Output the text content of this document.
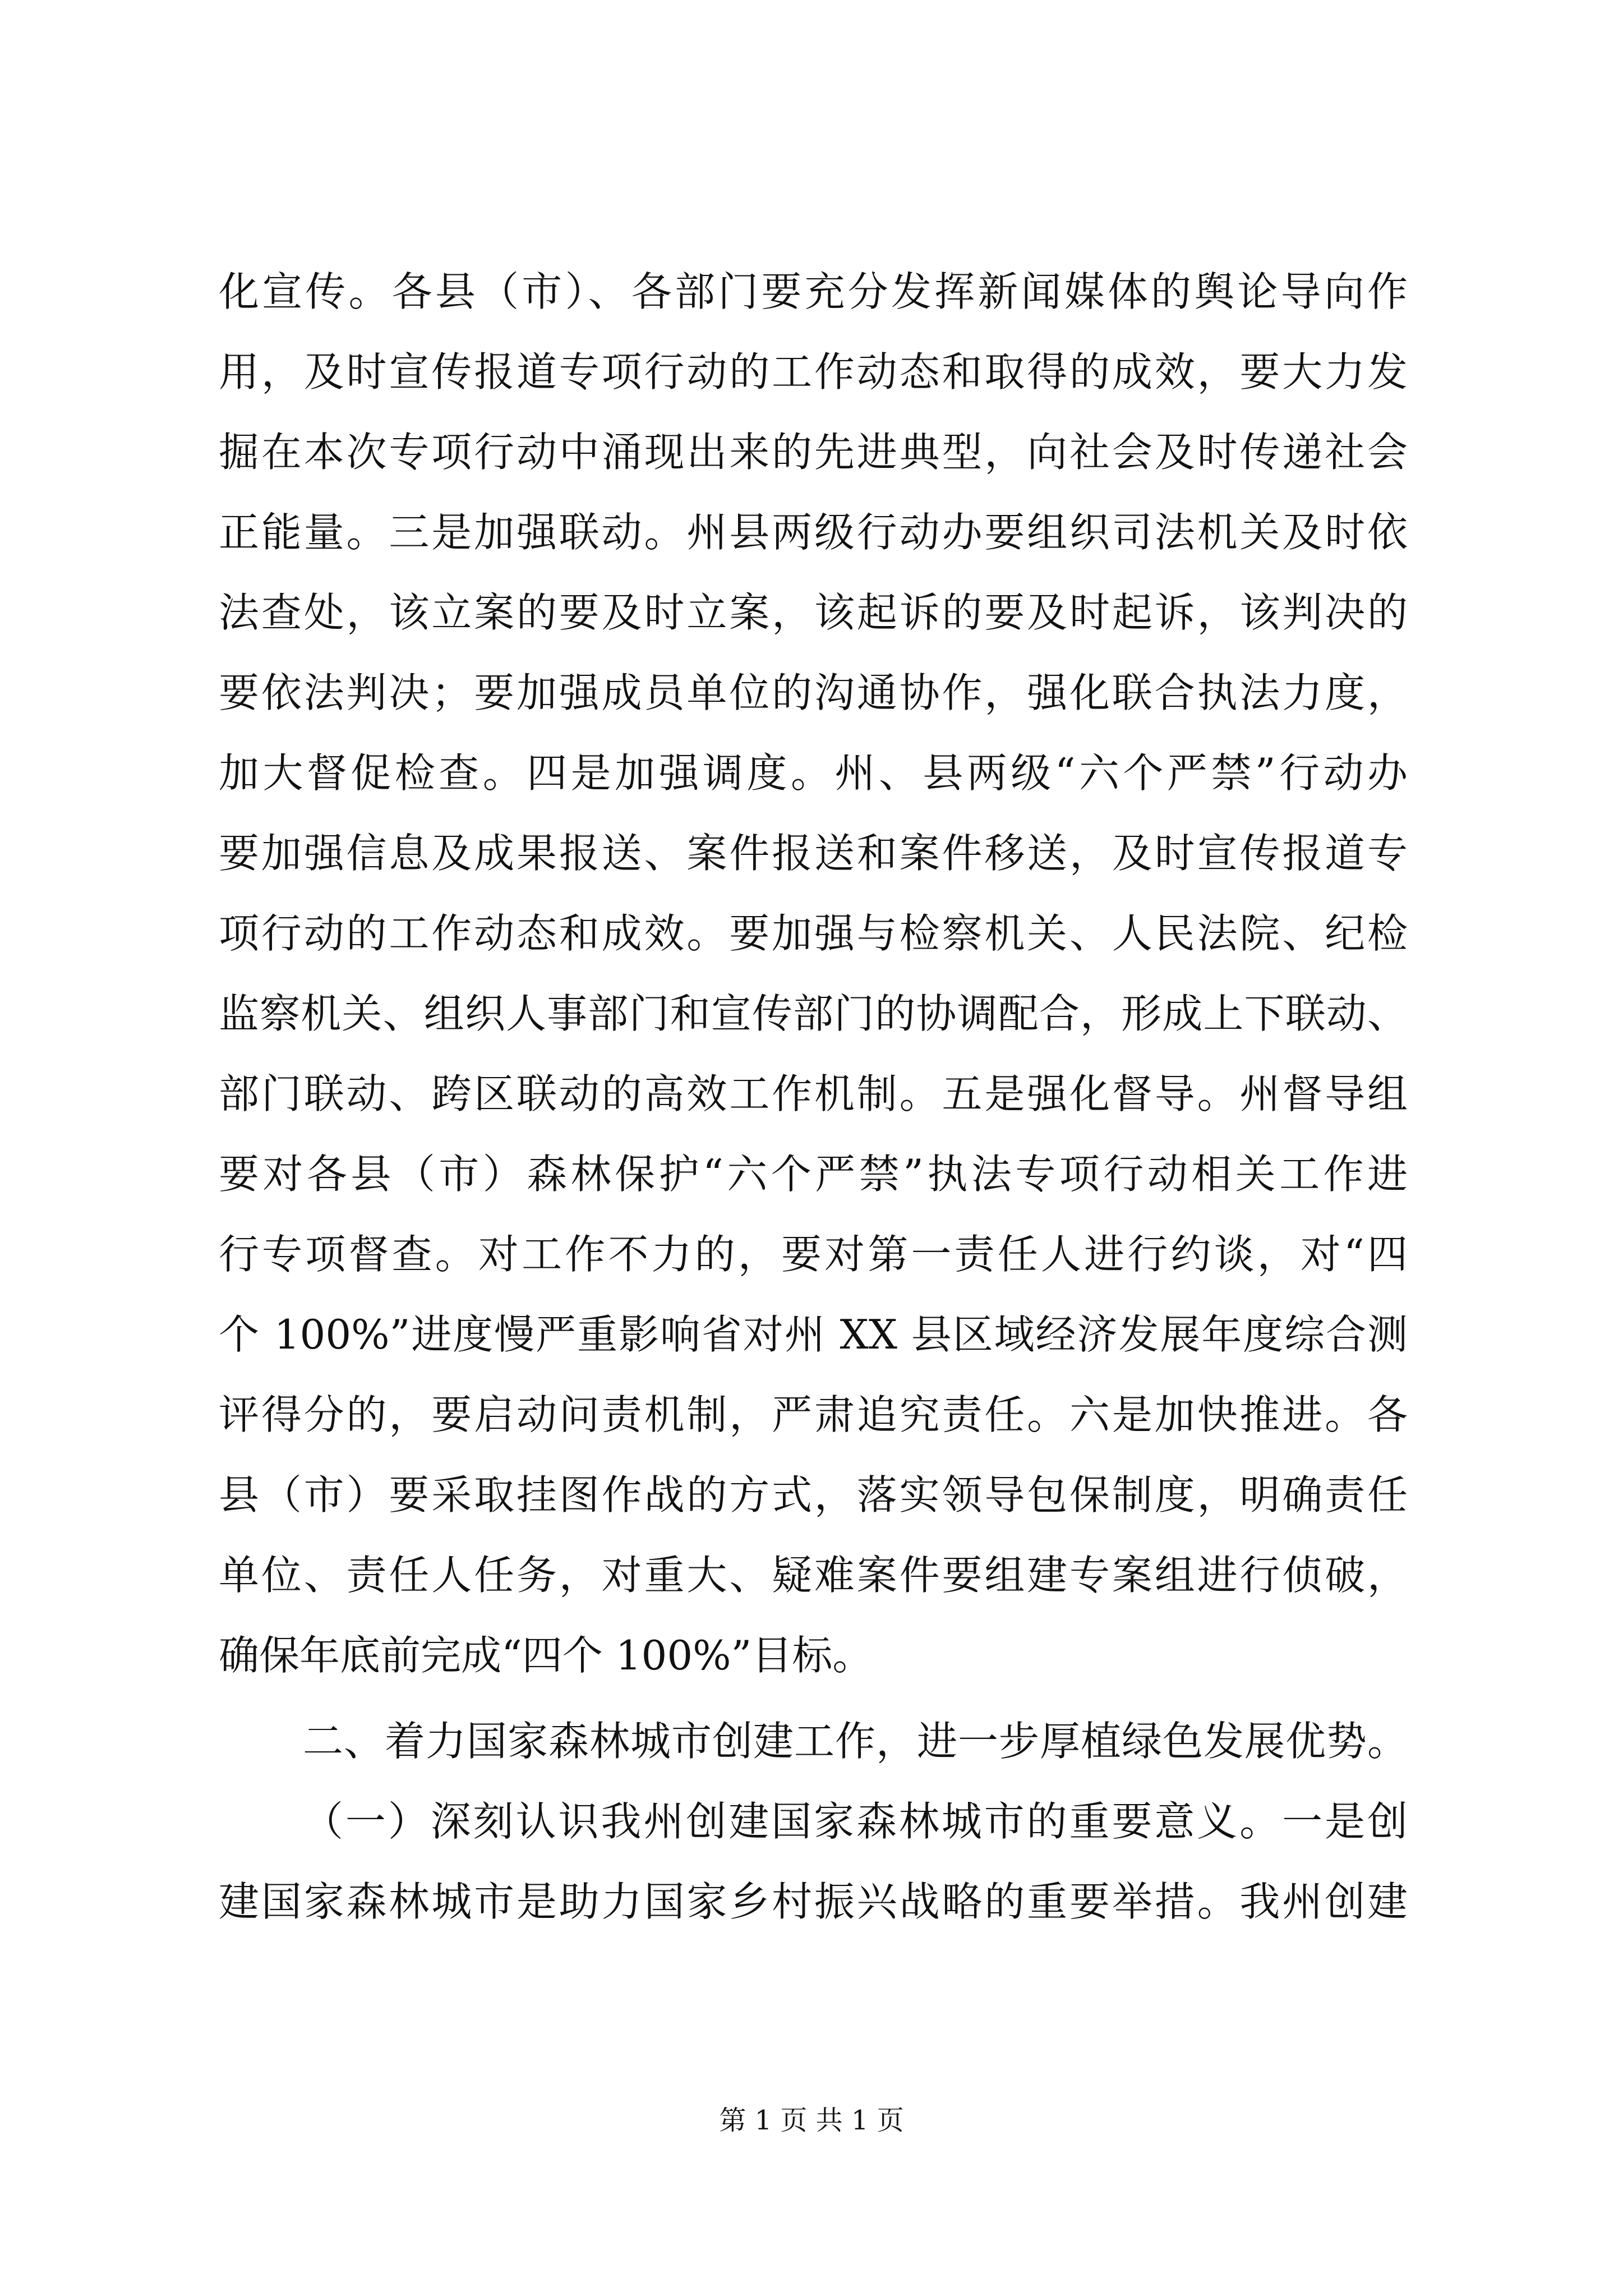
化宣传。各县（市）、各部门要充分发挥新闻媒体的舆论导向作
用，及时宣传报道专项行动的工作动态和取得的成效，要大力发
掘在本次专项行动中涌现出来的先进典型，向社会及时传递社会
正能量。三是加强联动。州县两级行动办要组织司法机关及时依
法查处，该立案的要及时立案，该起诉的要及时起诉，该判决的
要依法判决；要加强成员单位的沟通协作，强化联合执法力度，
加大督促检查。四是加强调度。州、县两级“六个严禁”行动办
要加强信息及成果报送、案件报送和案件移送，及时宣传报道专
项行动的工作动态和成效。要加强与检察机关、人民法院、纪检
监察机关、组织人事部门和宣传部门的协调配合，形成上下联动、
部门联动、跨区联动的高效工作机制。五是强化督导。州督导组
要对各县（市）森林保护“六个严禁”执法专项行动相关工作进
行专项督查。对工作不力的，要对第一责任人进行约谈，对“四
个 100%”进度慢严重影响省对州 XX 县区域经济发展年度综合测
评得分的，要启动问责机制，严肃追究责任。六是加快推进。各
县（市）要采取挂图作战的方式，落实领导包保制度，明确责任
单位、责任人任务，对重大、疑难案件要组建专案组进行侦破，
确保年底前完成“四个 100%”目标。
二、着力国家森林城市创建工作，进一步厚植绿色发展优势。
（一）深刻认识我州创建国家森林城市的重要意义。一是创
建国家森林城市是助力国家乡村振兴战略的重要举措。我州创建
第 1 页 共 1 页
